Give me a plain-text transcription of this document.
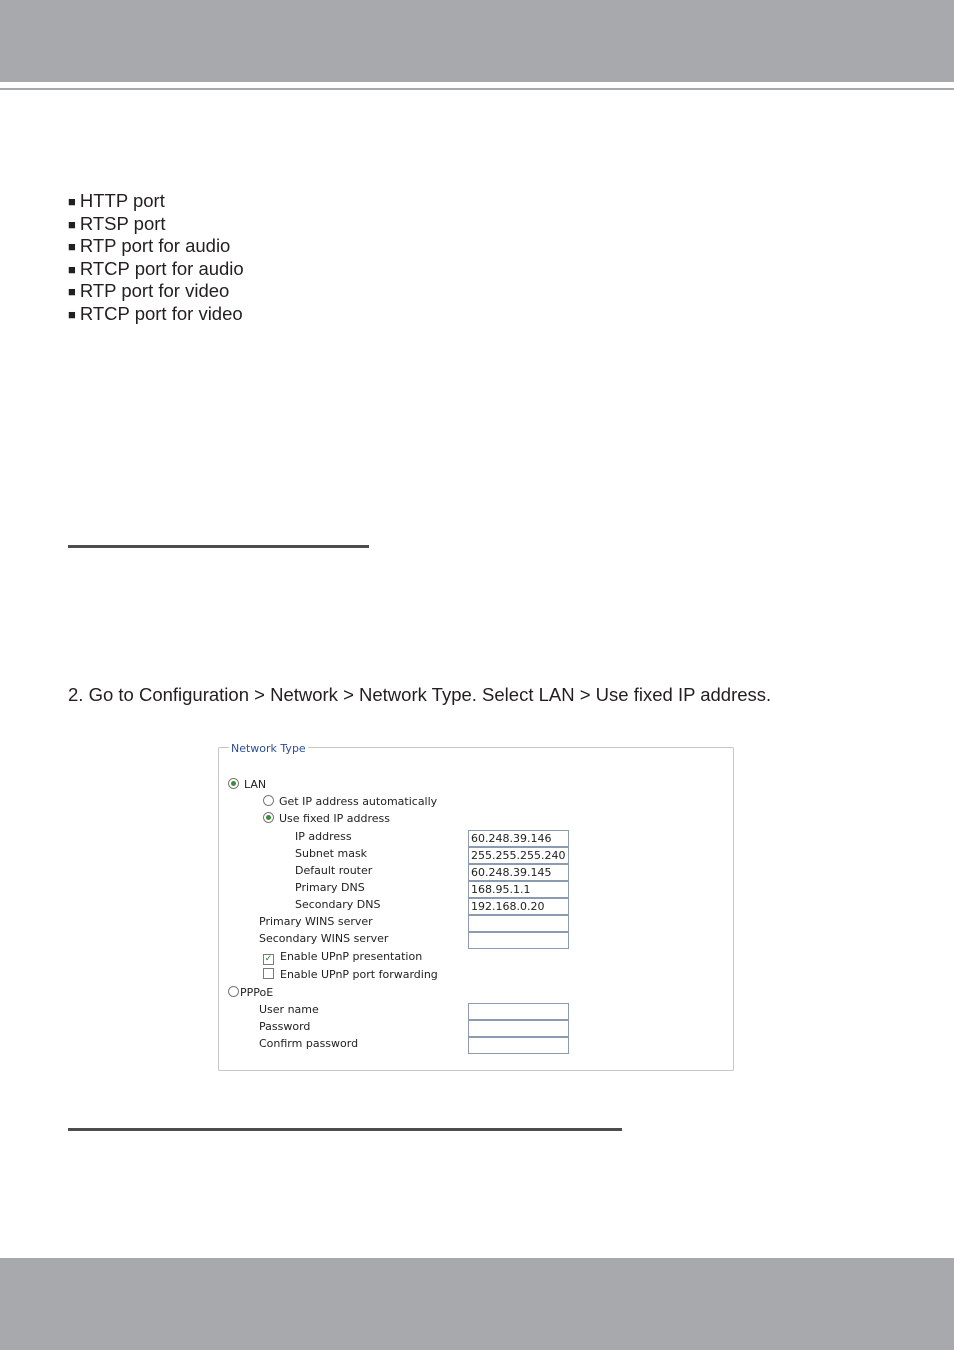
■ HTTP port
■ RTSP port
■ RTP port for audio
■ RTCP port for audio
■ RTP port for video
■ RTCP port for video
2. Go to Configuration > Network > Network Type. Select LAN > Use fixed IP address.
Network Type
LAN
Get IP address automatically
Use fixed IP address
IP address	60.248.39.146
Subnet mask	255.255.255.240
Default router	60.248.39.145
Primary DNS	168.95.1.1
Secondary DNS	192.168.0.20
Primary WINS server
Secondary WINS server
✓ Enable UPnP presentation
Enable UPnP port forwarding
PPPoE
User name
Password
Confirm password
